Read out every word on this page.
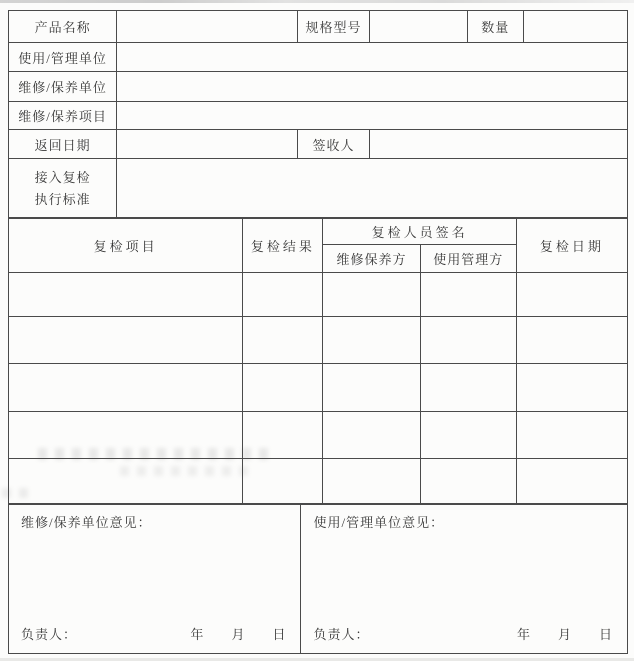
产品名称		规格型号		数量	
使用/管理单位					
维修/保养单位					
维修/保养项目					
返回日期		签收人			

接入复检
执行标准					

复检项目	复检结果	复检人员签名		复检日期
		维修保养方	使用管理方	

维修/保养单位意见：
负责人：	年 月 日

使用/管理单位意见：
负责人：	年 月 日
